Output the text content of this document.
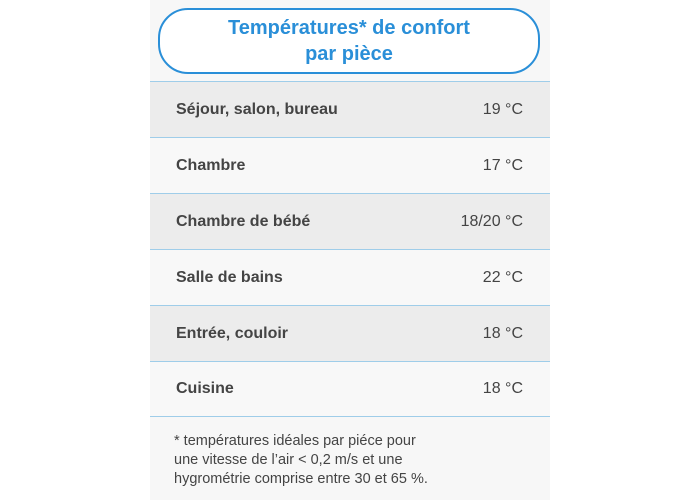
Températures* de confort
par pièce
Séjour, salon, bureau	19 °C
Chambre	17 °C
Chambre de bébé	18/20 °C
Salle de bains	22 °C
Entrée, couloir	18 °C
Cuisine	18 °C
* températures idéales par piéce pour
une vitesse de l’air < 0,2 m/s et une
hygrométrie comprise entre 30 et 65 %.
